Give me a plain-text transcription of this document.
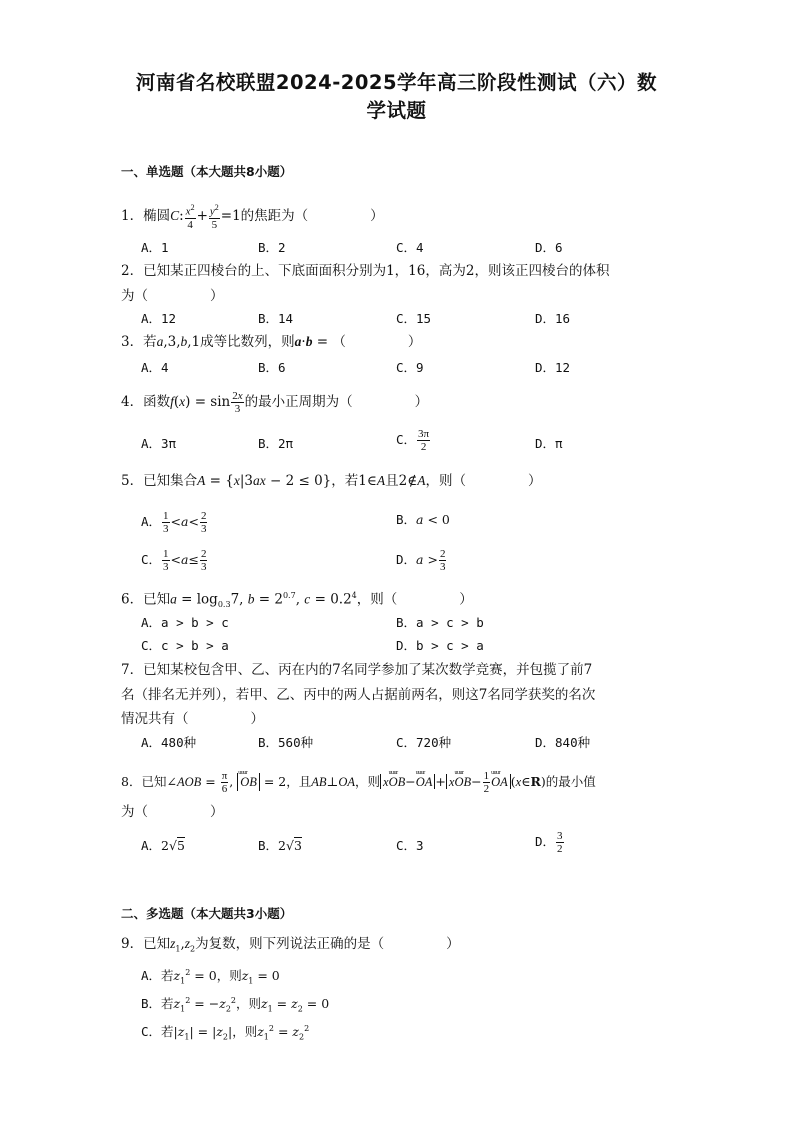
河南省名校联盟2024-2025学年高三阶段性测试（六）数
学试题
一、单选题（本大题共8小题）
1．椭圆C: $\frac{x^2}{4} + \frac{y^2}{5} =1$的焦距为（	）
A．1	B．2	C．4	D．6
2．已知某正四棱台的上、下底面面积分别为1，16，高为2，则该正四棱台的体积
为（	）
A．12	B．14	C．15	D．16
3．若a,3,b,1成等比数列，则a·b = （	）
A．4	B．6	C．9	D．12
4．函数$f(x) = \sin \frac{2x}{3}$ 的最小正周期为（	）
A．3π	B．2π	C． $\frac{3\pi}{2}$	D．π
5．已知集合A = {x|3ax − 2 ≤ 0}，若1∈A且2∉A，则（	）
A． $\frac{1}{3} <a< \frac{2}{3}$	B．a < 0
C． $\frac{1}{3} <a\le \frac{2}{3}$	D．$a > \frac{2}{3}$
6．已知$a = \log_{0.3}7$, $b = 2^{0.7}$, $c = 0.2^4$，则（	）
A．a > b > c	B．a > c > b
C．c > b > a	D．b > c > a
7．已知某校包含甲、乙、丙在内的7名同学参加了某次数学竞赛，并包揽了前7
名（排名无并列），若甲、乙、丙中的两人占据前两名，则这7名同学获奖的名次
情况共有（	）
A．480种	B．560种	C．720种	D．840种
8．已知∠AOB = $\frac{\pi}{6}$ , uuur OB = 2，且AB⊥OA，则 xuuur OB−uuur OA + xuuur $OB- \frac{1}{2}$
uuur OA (x∈R)的最小值
为（	）
A．2√5	B．2√3	C．3	D． $\frac{3}{2}$
二、多选题（本大题共3小题）
9．已知$z_1,z_2$为复数，则下列说法正确的是（	）
A．若$z_1^2 = 0$，则$z_1 = 0$
B．若$z_1^2 = -z_2^2$，则$z_1 = z_2 = 0$
C．若$|z_1| = |z_2|$，则$z_1^2 = z_2^2$
